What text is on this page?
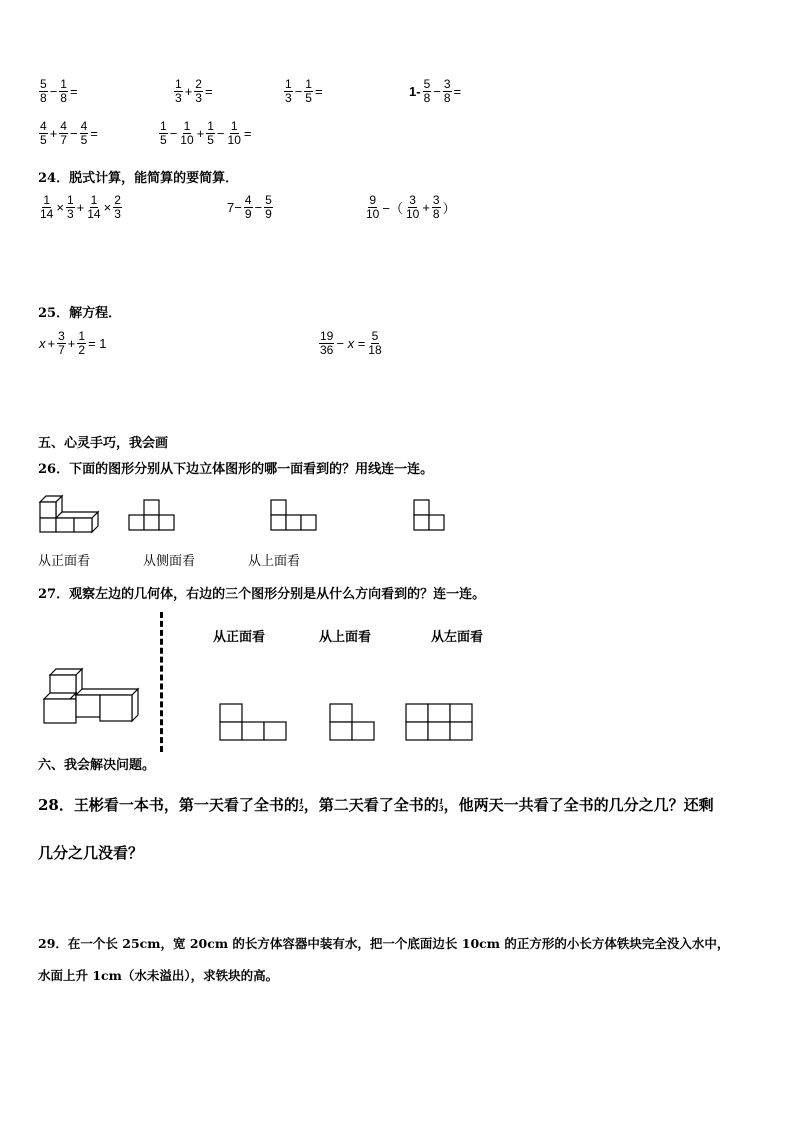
$\frac{5}{8} - \frac{1}{8}$ =	$\frac{1}{3} + \frac{2}{3}$ =	$\frac{1}{3} - \frac{1}{5}$ =	$1- \frac{5}{8} - \frac{3}{8}$ =
$\frac{4}{5} + \frac{4}{7} - \frac{4}{5}$ =	$\frac{1}{5} - \frac{1}{10} + \frac{1}{5} - \frac{1}{10}$ =
24．脱式计算，能简算的要简算．
$\frac{1}{14} \times \frac{1}{3} + \frac{1}{14} \times \frac{2}{3}$	$7- \frac{4}{9} - \frac{5}{9}$	$\frac{9}{10}$ −（ $\frac{3}{10} + \frac{3}{8}$ ）
25．解方程．
$x + \frac{3}{7} + \frac{1}{2} = 1$	$\frac{19}{36} - x = \frac{5}{18}$
五、心灵手巧，我会画
26．下面的图形分别从下边立体图形的哪一面看到的？用线连一连。
从正面看	从侧面看	从上面看
27．观察左边的几何体，右边的三个图形分别是从什么方向看到的？连一连。
从正面看	从上面看	从左面看
六、我会解决问题。
28．王彬看一本书，第一天看了全书的 1
2 ，第二天看了全书的 1
3 ，他两天一共看了全书的几分之几？还剩
几分之几没看？
29．在一个长 25cm，宽 20cm 的长方体容器中装有水，把一个底面边长 10cm 的正方形的小长方体铁块完全没入水中，
水面上升 1cm（水未溢出），求铁块的高。
